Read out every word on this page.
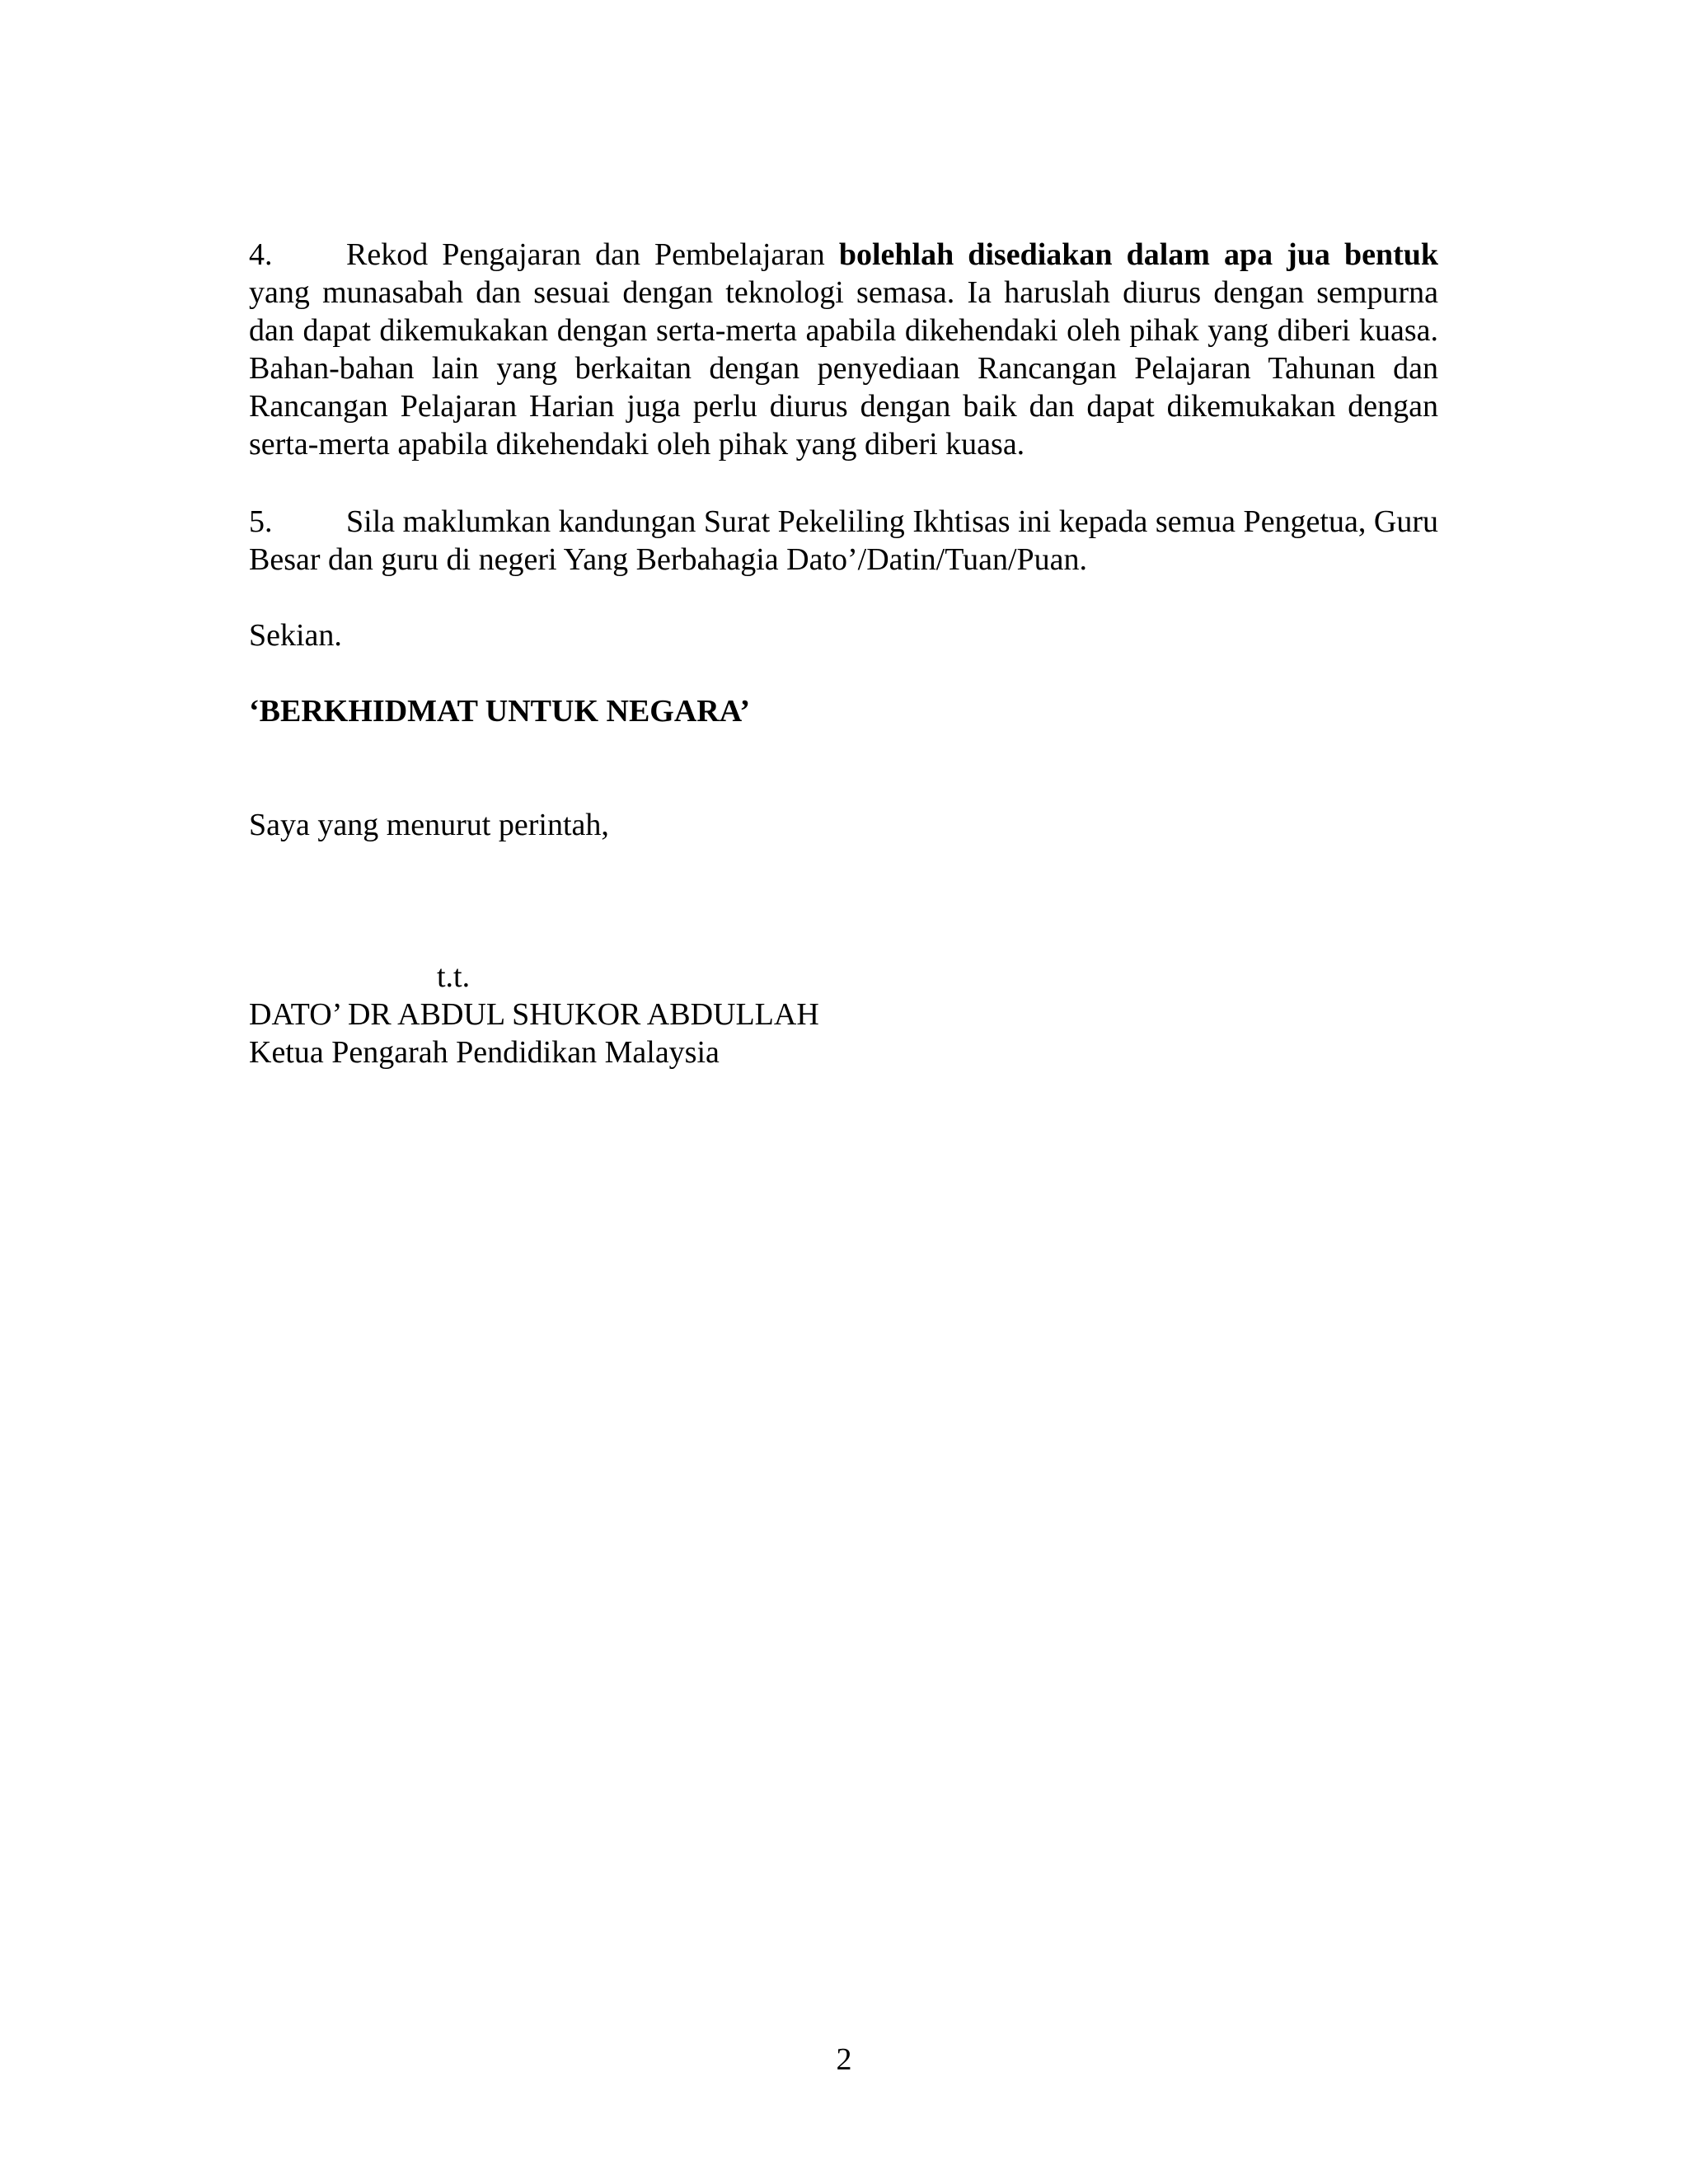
4. Rekod Pengajaran dan Pembelajaran bolehlah disediakan dalam apa jua bentuk yang munasabah dan sesuai dengan teknologi semasa. Ia haruslah diurus dengan sempurna dan dapat dikemukakan dengan serta-merta apabila dikehendaki oleh pihak yang diberi kuasa. Bahan-bahan lain yang berkaitan dengan penyediaan Rancangan Pelajaran Tahunan dan Rancangan Pelajaran Harian juga perlu diurus dengan baik dan dapat dikemukakan dengan serta-merta apabila dikehendaki oleh pihak yang diberi kuasa.

5. Sila maklumkan kandungan Surat Pekeliling Ikhtisas ini kepada semua Pengetua, Guru Besar dan guru di negeri Yang Berbahagia Dato’/Datin/Tuan/Puan.

Sekian.

‘BERKHIDMAT UNTUK NEGARA’

Saya yang menurut perintah,

t.t.

DATO’ DR ABDUL SHUKOR ABDULLAH

Ketua Pengarah Pendidikan Malaysia

2
